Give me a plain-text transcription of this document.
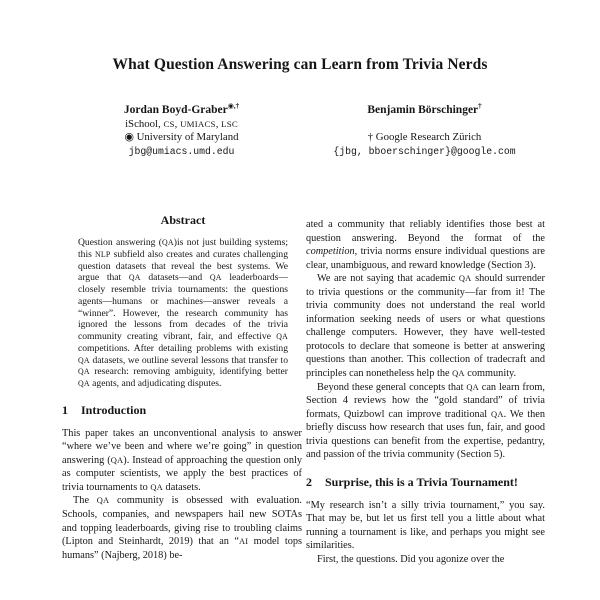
What Question Answering can Learn from Trivia Nerds
Jordan Boyd-Graber◉,†
iSchool, CS, UMIACS, LSC
◉ University of Maryland
jbg@umiacs.umd.edu
Benjamin Börschinger†
† Google Research Zürich
{jbg, bboerschinger}@google.com
Abstract

Question answering (QA)is not just building systems; this NLP subfield also creates and curates challenging question datasets that reveal the best systems. We argue that QA datasets—and QA leaderboards—closely resemble trivia tournaments: the questions agents—humans or machines—answer reveals a “winner”. However, the research community has ignored the lessons from decades of the trivia community creating vibrant, fair, and effective QA competitions. After detailing problems with existing QA datasets, we outline several lessons that transfer to QA research: removing ambiguity, identifying better QA agents, and adjudicating disputes.

1 Introduction

This paper takes an unconventional analysis to answer “where we’ve been and where we’re going” in question answering (QA). Instead of approaching the question only as computer scientists, we apply the best practices of trivia tournaments to QA datasets.

The QA community is obsessed with evaluation. Schools, companies, and newspapers hail new SOTAs and topping leaderboards, giving rise to troubling claims (Lipton and Steinhardt, 2019) that an “AI model tops humans” (Najberg, 2018) be-

ated a community that reliably identifies those best at question answering. Beyond the format of the competition, trivia norms ensure individual questions are clear, unambiguous, and reward knowledge (Section 3).

We are not saying that academic QA should surrender to trivia questions or the community—far from it! The trivia community does not understand the real world information seeking needs of users or what questions challenge computers. However, they have well-tested protocols to declare that someone is better at answering questions than another. This collection of tradecraft and principles can nonetheless help the QA community.

Beyond these general concepts that QA can learn from, Section 4 reviews how the “gold standard” of trivia formats, Quizbowl can improve traditional QA. We then briefly discuss how research that uses fun, fair, and good trivia questions can benefit from the expertise, pedantry, and passion of the trivia community (Section 5).

2 Surprise, this is a Trivia Tournament!

“My research isn’t a silly trivia tournament,” you say. That may be, but let us first tell you a little about what running a tournament is like, and perhaps you might see similarities.

First, the questions. Did you agonize over the
